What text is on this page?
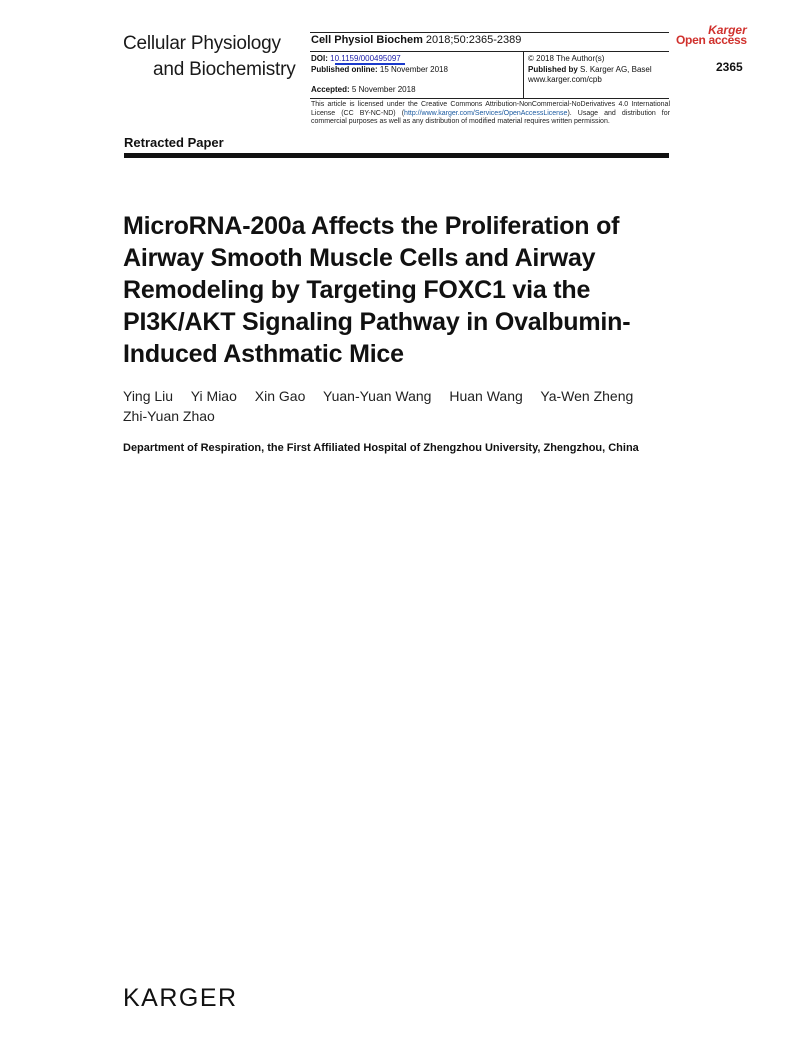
Cellular Physiology
and Biochemistry
Cell Physiol Biochem 2018;50:2365-2389
DOI: 10.1159/000495097
Published online: 15 November 2018
Accepted: 5 November 2018
© 2018 The Author(s)
Published by S. Karger AG, Basel
www.karger.com/cpb
This article is licensed under the Creative Commons Attribution-NonCommercial-NoDerivatives 4.0 International License (CC BY-NC-ND) (http://www.karger.com/Services/OpenAccessLicense). Usage and distribution for commercial purposes as well as any distribution of modified material requires written permission.
Karger
Open access
2365
Retracted Paper
MicroRNA-200a Affects the Proliferation of Airway Smooth Muscle Cells and Airway Remodeling by Targeting FOXC1 via the PI3K/AKT Signaling Pathway in Ovalbumin-Induced Asthmatic Mice
Ying Liu Yi Miao Xin Gao Yuan-Yuan Wang Huan Wang Ya-Wen Zheng Zhi-Yuan Zhao
Department of Respiration, the First Affiliated Hospital of Zhengzhou University, Zhengzhou, China
KARGER
